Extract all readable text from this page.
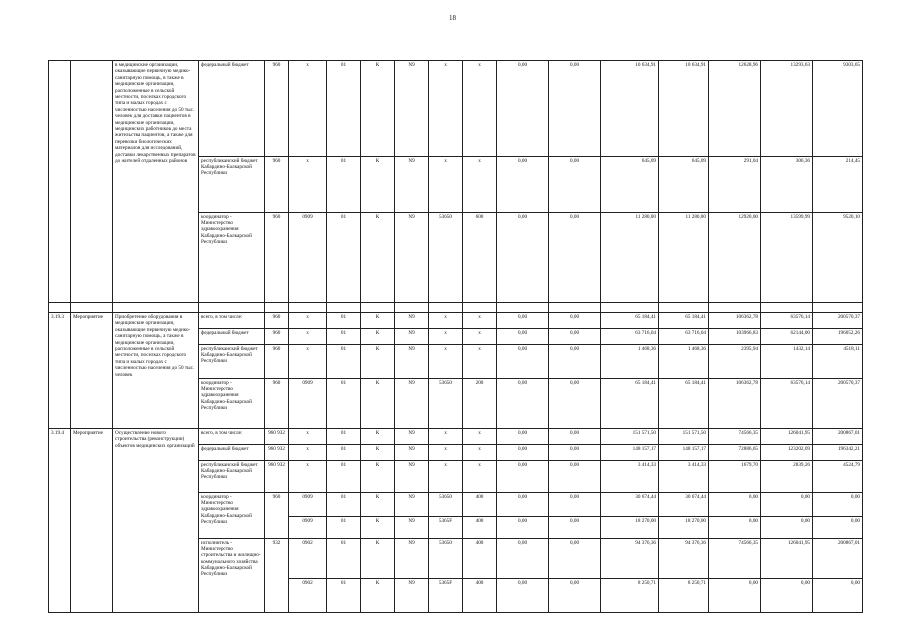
18
		в медицинские организации, оказывающие первичную медико-санитарную помощь, в также в медицинские организации, расположенные в сельской местности, поселках городского типа и малых городах с численностью населения до 50 тыс. человек для доставки пациентов в медицинские организации, медицинских работников до места жительства пациентов, а также для перевозки биологических материалов для исследований, доставки лекарственных препаратов до жителей отдаленных районов	федеральный бюджет	960	х	01	К	N9	х	х	0,00	0,00	10 634,91	10 634,91	12628,96	13293,63	9303,65
			республиканский бюджет Кабардино-Балкарской Республики	960	х	01	К	N9	х	х	0,00	0,00	645,09	645,09	291,04	306,36	214,45
			координатор - Министерство здравоохранения Кабардино-Балкарской Республики	960	0909	01	К	N9	53650	600	0,00	0,00	11 280,00	11 280,00	12920,00	13599,99	9520,10

3.19.3	Мероприятие	Приобретение оборудования в медицинские организации, оказывающие первичную медико-санитарную помощь, а также в медицинские организации, расположенные в сельской местности, поселках городского типа и малых городах с численностью населения до 50 тыс. человек	всего, в том числе:	960	х	01	К	N9	х	х	0,00	0,00	65 184,41	65 184,41	106362,78	63576,14	200570,37
			федеральный бюджет	960	х	01	К	N9	х	х	0,00	0,00	63 716,04	63 716,04	103966,83	62144,00	196052,26
			республиканский бюджет Кабардино-Балкарской Республики	960	х	01	К	N9	х	х	0,00	0,00	1 468,36	1 468,36	2395,94	1432,14	4518,11
			координатор - Министерство здравоохранения Кабардино-Балкарской Республики	960	0909	01	К	N9	53650	200	0,00	0,00	65 184,41	65 184,41	106362,78	63576,14	200570,37
3.19.4	Мероприятие	Осуществление нового строительства (реконструкции) объектов медицинских организаций	всего, в том числе:	960 932	х	01	К	N9	х	х	0,00	0,00	151 571,50	151 571,50	74566,35	126041,95	200867,01
			федеральный бюджет	960 932	х	01	К	N9	х	х	0,00	0,00	148 157,17	148 157,17	72886,65	123202,69	196342,21
			республиканский бюджет Кабардино-Балкарской Республики	960 932	х	01	К	N9	х	х	0,00	0,00	3 414,33	3 414,33	1679,70	2839,26	4524,79
			координатор - Министерство здравоохранения Кабардино-Балкарской Республики	960	0909	01	К	N9	53650	400	0,00	0,00	30 674,44	30 674,44	0,00	0,00	0,00
					0909	01	К	N9	5365F	400	0,00	0,00	18 270,00	18 270,00	0,00	0,00	0,00
			исполнитель - Министерство строительства и жилищно-коммунального хозяйства Кабардино-Балкарской Республики	932	0902	01	К	N9	53650	400	0,00	0,00	94 376,36	94 376,36	74566,35	126041,95	200867,01
					0902	01	К	N9	5365F	400	0,00	0,00	8 250,71	8 250,71	0,00	0,00	0,00
